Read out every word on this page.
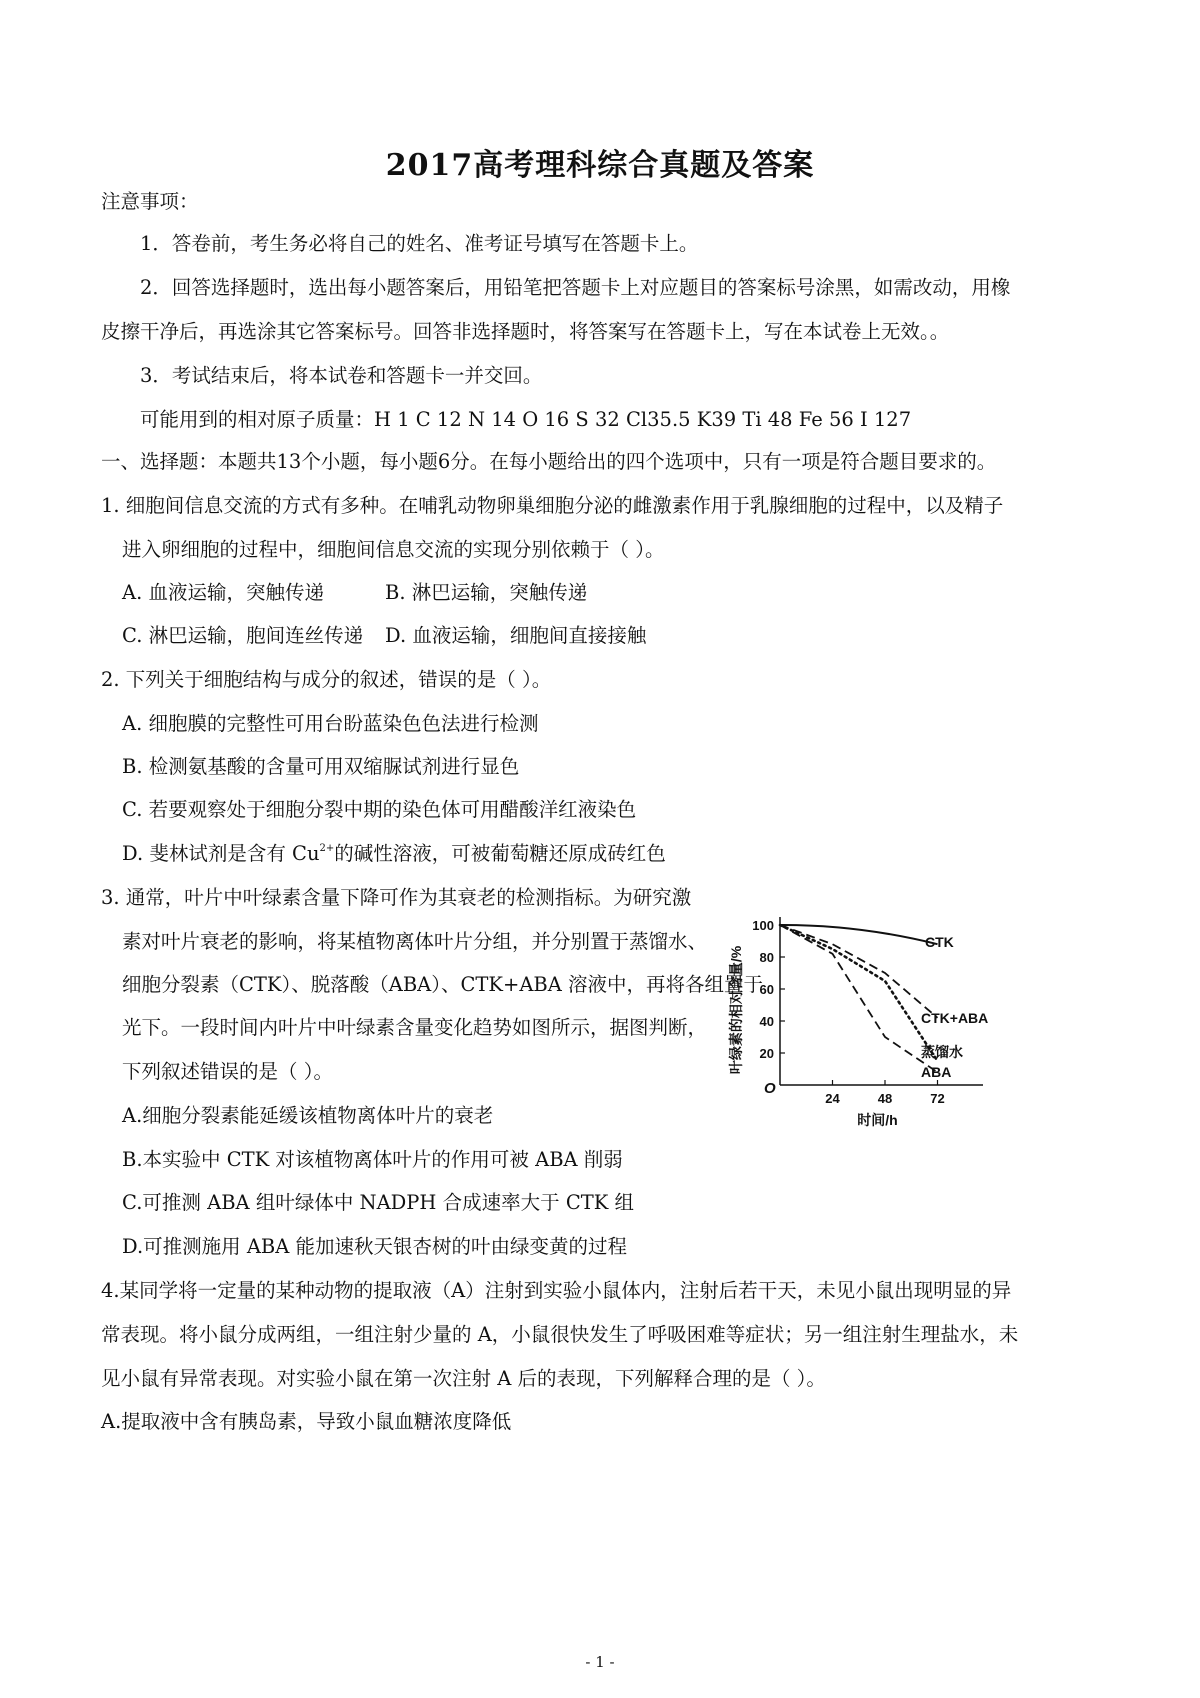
2017高考理科综合真题及答案
注意事项：
1．答卷前，考生务必将自己的姓名、准考证号填写在答题卡上。
2．回答选择题时，选出每小题答案后，用铅笔把答题卡上对应题目的答案标号涂黑，如需改动，用橡
皮擦干净后，再选涂其它答案标号。回答非选择题时，将答案写在答题卡上，写在本试卷上无效。。
3．考试结束后，将本试卷和答题卡一并交回。
可能用到的相对原子质量：H 1 C 12 N 14 O 16 S 32 Cl35.5 K39 Ti 48 Fe 56 I 127
一、选择题：本题共13个小题，每小题6分。在每小题给出的四个选项中，只有一项是符合题目要求的。
1. 细胞间信息交流的方式有多种。在哺乳动物卵巢细胞分泌的雌激素作用于乳腺细胞的过程中，以及精子
进入卵细胞的过程中，细胞间信息交流的实现分别依赖于（ ）。
A. 血液运输，突触传递	B. 淋巴运输，突触传递
C. 淋巴运输，胞间连丝传递 D. 血液运输，细胞间直接接触
2. 下列关于细胞结构与成分的叙述，错误的是（ ）。
A. 细胞膜的完整性可用台盼蓝染色色法进行检测
B. 检测氨基酸的含量可用双缩脲试剂进行显色
C. 若要观察处于细胞分裂中期的染色体可用醋酸洋红液染色
D. 斐林试剂是含有 $Cu^{2+}$的碱性溶液，可被葡萄糖还原成砖红色
3. 通常，叶片中叶绿素含量下降可作为其衰老的检测指标。为研究激
素对叶片衰老的影响，将某植物离体叶片分组，并分别置于蒸馏水、
细胞分裂素（CTK）、脱落酸（ABA）、CTK+ABA 溶液中，再将各组置于
光下。一段时间内叶片中叶绿素含量变化趋势如图所示，据图判断，
下列叙述错误的是（ ）。
A.细胞分裂素能延缓该植物离体叶片的衰老
B.本实验中 CTK 对该植物离体叶片的作用可被 ABA 削弱
C.可推测 ABA 组叶绿体中 NADPH 合成速率大于 CTK 组
D.可推测施用 ABA 能加速秋天银杏树的叶由绿变黄的过程
O
20
40
60
80
100
24	48	72
时间/h
叶绿素的相对含量/%
CTK
CTK+ABA
蒸馏水
ABA
4.某同学将一定量的某种动物的提取液（A）注射到实验小鼠体内，注射后若干天，未见小鼠出现明显的异
常表现。将小鼠分成两组，一组注射少量的 A，小鼠很快发生了呼吸困难等症状；另一组注射生理盐水，未
见小鼠有异常表现。对实验小鼠在第一次注射 A 后的表现，下列解释合理的是（ ）。
A.提取液中含有胰岛素，导致小鼠血糖浓度降低
- 1 -
